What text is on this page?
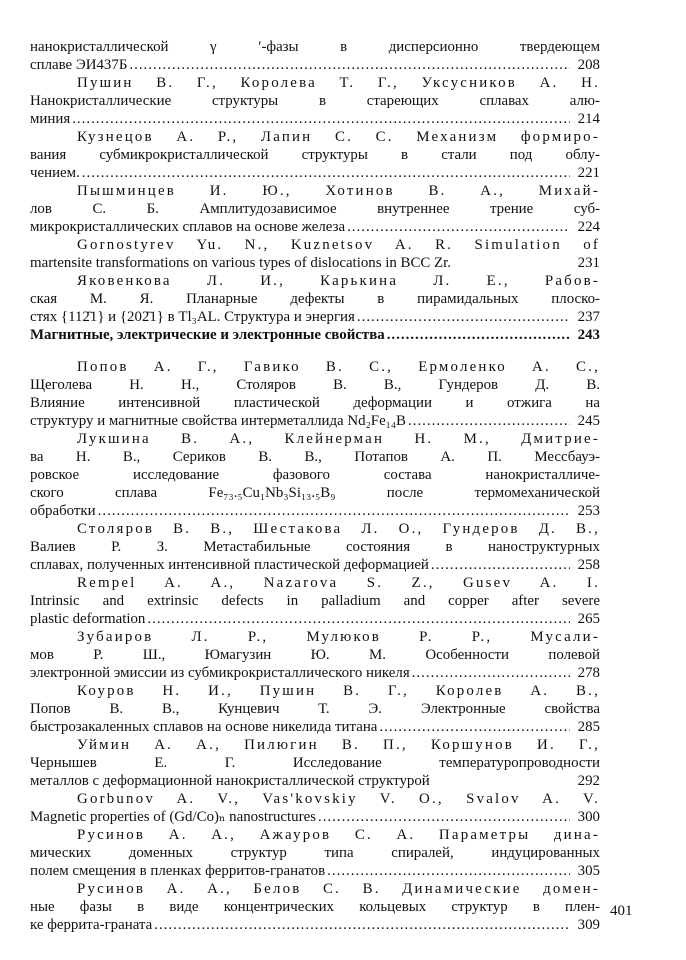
нанокристаллической γ ′-фазы в дисперсионно твердеющем
сплаве ЭИ437Б .....	208
Пушин В. Г., Королева Т. Г., Уксусников А. Н.
Нанокристаллические структуры в стареющих сплавах алю-
миния .....	214
Кузнецов А. Р., Лапин С. С. Механизм формиро-
вания субмикрокристаллической структуры в стали под облу-
чением. .....	221
Пышминцев И. Ю., Хотинов В. А., Михай-
лов С. Б. Амплитудозависимое внутреннее трение суб-
микрокристаллических сплавов на основе железа .....	224
Gornostyrev Yu. N., Kuznetsov A. R. Simulation of
martensite transformations on various types of dislocations in BCC Zr.	231
Яковенкова Л. И., Карькина Л. Е., Рабов-
ская М. Я. Планарные дефекты в пирамидальных плоско-
стях {112̄1} и {202̄1} в Tl₃AL. Структура и энергия .....	237
Магнитные, электрические и электронные свойства .....	243
Попов А. Г., Гавико В. С., Ермоленко А. С.,
Щеголева Н. Н., Столяров В. В., Гундеров Д. В.
Влияние интенсивной пластической деформации и отжига на
структуру и магнитные свойства интерметаллида Nd₂Fe₁₄B .....	245
Лукшина В. А., Клейнерман Н. М., Дмитрие-
ва Н. В., Сериков В. В., Потапов А. П. Мессбауэ-
ровское исследование фазового состава нанокристалличе-
ского сплава Fe₇₃.₅Cu₁Nb₃Si₁₃.₅B₉ после термомеханической
обработки .....	253
Столяров В. В., Шестакова Л. О., Гундеров Д. В.,
Валиев Р. З. Метастабильные состояния в наноструктурных
сплавах, полученных интенсивной пластической деформацией .....	258
Rempel A. A., Nazarova S. Z., Gusev A. I.
Intrinsic and extrinsic defects in palladium and copper after severe
plastic deformation .....	265
Зубаиров Л. Р., Мулюков Р. Р., Мусали-
мов Р. Ш., Юмагузин Ю. М. Особенности полевой
электронной эмиссии из субмикрокристаллического никеля .....	278
Коуров Н. И., Пушин В. Г., Королев А. В.,
Попов В. В., Кунцевич Т. Э. Электронные свойства
быстрозакаленных сплавов на основе никелида титана .....	285
Уймин А. А., Пилюгин В. П., Коршунов И. Г.,
Чернышев Е. Г. Исследование температуропроводности
металлов с деформационной нанокристаллической структурой	292
Gorbunov A. V., Vas'kovskiy V. O., Svalov A. V.
Magnetic properties of (Gd/Co)ₙ nanostructures .....	300
Русинов А. А., Ажауров С. А. Параметры дина-
мических доменных структур типа спиралей, индуцированных
полем смещения в пленках ферритов-гранатов .....	305
Русинов А. А., Белов С. В. Динамические домен-
ные фазы в виде концентрических кольцевых структур в плен-
ке феррита-граната .....	309
401
